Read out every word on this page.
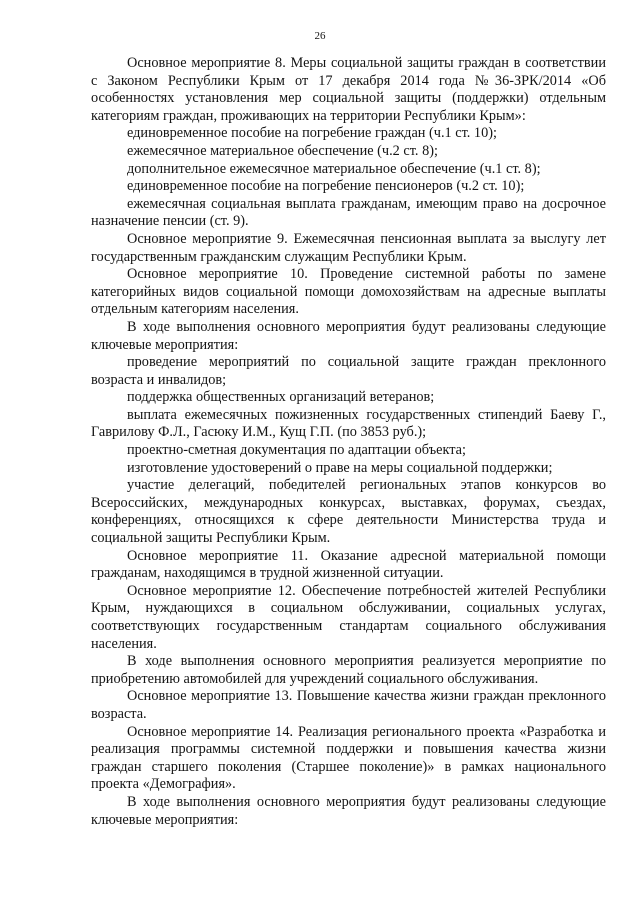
26

Основное мероприятие 8. Меры социальной защиты граждан в соответствии с Законом Республики Крым от 17 декабря 2014 года №36-ЗРК/2014 «Об особенностях установления мер социальной защиты (поддержки) отдельным категориям граждан, проживающих на территории Республики Крым»:

единовременное пособие на погребение граждан (ч.1 ст. 10);

ежемесячное материальное обеспечение (ч.2 ст. 8);

дополнительное ежемесячное материальное обеспечение (ч.1 ст. 8);

единовременное пособие на погребение пенсионеров (ч.2 ст. 10);

ежемесячная социальная выплата гражданам, имеющим право на досрочное назначение пенсии (ст. 9).

Основное мероприятие 9. Ежемесячная пенсионная выплата за выслугу лет государственным гражданским служащим Республики Крым.

Основное мероприятие 10. Проведение системной работы по замене категорийных видов социальной помощи домохозяйствам на адресные выплаты отдельным категориям населения.

В ходе выполнения основного мероприятия будут реализованы следующие ключевые мероприятия:

проведение мероприятий по социальной защите граждан преклонного возраста и инвалидов;

поддержка общественных организаций ветеранов;

выплата ежемесячных пожизненных государственных стипендий Баеву Г., Гаврилову Ф.Л., Гасюку И.М., Кущ Г.П. (по 3853 руб.);

проектно-сметная документация по адаптации объекта;

изготовление удостоверений о праве на меры социальной поддержки;

участие делегаций, победителей региональных этапов конкурсов во Всероссийских, международных конкурсах, выставках, форумах, съездах, конференциях, относящихся к сфере деятельности Министерства труда и социальной защиты Республики Крым.

Основное мероприятие 11. Оказание адресной материальной помощи гражданам, находящимся в трудной жизненной ситуации.

Основное мероприятие 12. Обеспечение потребностей жителей Республики Крым, нуждающихся в социальном обслуживании, социальных услугах, соответствующих государственным стандартам социального обслуживания населения.

В ходе выполнения основного мероприятия реализуется мероприятие по приобретению автомобилей для учреждений социального обслуживания.

Основное мероприятие 13. Повышение качества жизни граждан преклонного возраста.

Основное мероприятие 14. Реализация регионального проекта «Разработка и реализация программы системной поддержки и повышения качества жизни граждан старшего поколения (Старшее поколение)» в рамках национального проекта «Демография».

В ходе выполнения основного мероприятия будут реализованы следующие ключевые мероприятия:
